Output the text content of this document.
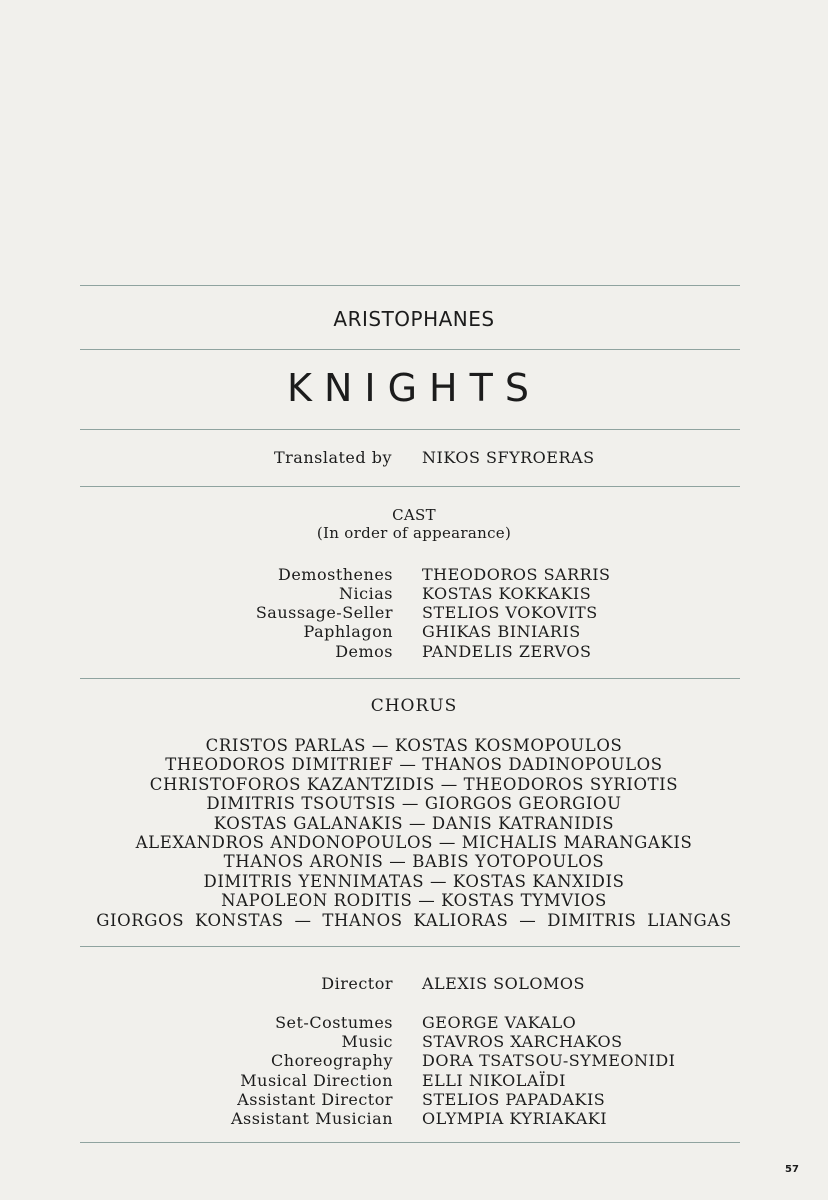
ARISTOPHANES
KNIGHTS
Translated by NIKOS SFYROERAS
CAST
(In order of appearance)
Demosthenes THEODOROS SARRIS
Nicias KOSTAS KOKKAKIS
Saussage-Seller STELIOS VOKOVITS
Paphlagon GHIKAS BINIARIS
Demos PANDELIS ZERVOS
CHORUS
CRISTOS PARLAS — KOSTAS KOSMOPOULOS
THEODOROS DIMITRIEF — THANOS DADINOPOULOS
CHRISTOFOROS KAZANTZIDIS — THEODOROS SYRIOTIS
DIMITRIS TSOUTSIS — GIORGOS GEORGIOU
KOSTAS GALANAKIS — DANIS KATRANIDIS
ALEXANDROS ANDONOPOULOS — MICHALIS MARANGAKIS
THANOS ARONIS — BABIS YOTOPOULOS
DIMITRIS YENNIMATAS — KOSTAS KANXIDIS
NAPOLEON RODITIS — KOSTAS TYMVIOS
GIORGOS KONSTAS — THANOS KALIORAS — DIMITRIS LIANGAS
Director ALEXIS SOLOMOS
Set-Costumes GEORGE VAKALO
Music STAVROS XARCHAKOS
Choreography DORA TSATSOU-SYMEONIDI
Musical Direction ELLI NIKOLAÏDI
Assistant Director STELIOS PAPADAKIS
Assistant Musician OLYMPIA KYRIAKAKI
57
